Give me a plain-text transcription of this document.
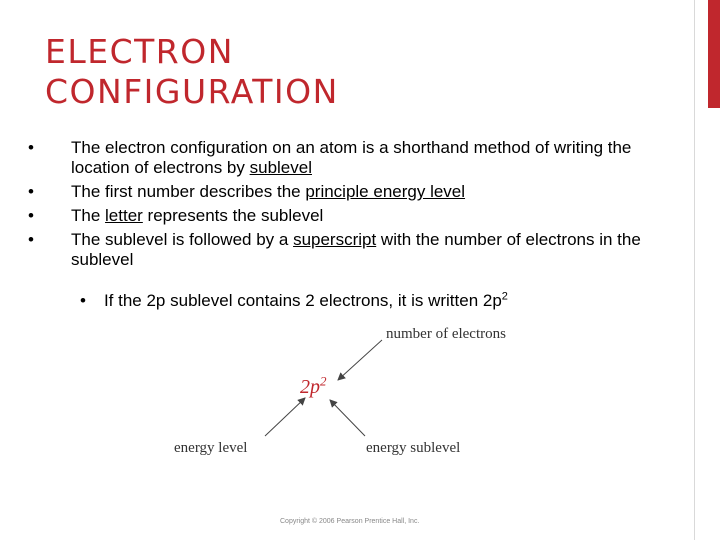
ELECTRON
CONFIGURATION
• The electron configuration on an atom is a shorthand method of writing the location of electrons by sublevel
• The first number describes the principle energy level
• The letter represents the sublevel
• The sublevel is followed by a superscript with the number of electrons in the sublevel
• If the 2p sublevel contains 2 electrons, it is written $2p^2$
number of electrons
$2p^2$
energy level	energy sublevel
Copyright © 2006 Pearson Prentice Hall, Inc.
